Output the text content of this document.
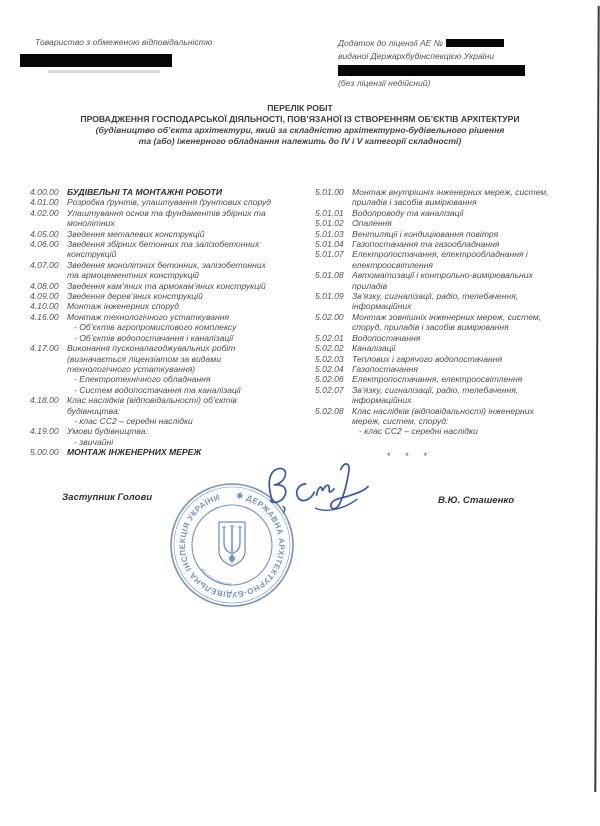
Товариство з обмеженою відповідальністю	Додаток до ліцензії АЕ №
виданої Держархбудінспекцією України
(без ліцензії недійсний)
ПЕРЕЛІК РОБІТ
ПРОВАДЖЕННЯ ГОСПОДАРСЬКОЇ ДІЯЛЬНОСТІ, ПОВ’ЯЗАНОЇ ІЗ СТВОРЕННЯМ ОБ’ЄКТІВ АРХІТЕКТУРИ
(будівництво об’єкта архітектури, який за складністю архітектурно-будівельного рішення
та (або) іженерного обладнання належить до IV і V категорії складності)
4.00.00 БУДІВЕЛЬНІ ТА МОНТАЖНІ РОБОТИ
4.01.00 Розробка ґрунтів, улаштування ґрунтових споруд
4.02.00 Улаштування основ та фундаментів збірних та монолітних
4.05.00 Зведення металевих конструкцій
4.06.00 Зведення збірних бетонних та залізобетонних конструкцій
4.07.00 Зведення монолітних бетонних, залізобетонних та армоцементних конструкцій
4.08.00 Зведення кам’яних та армокам’яних конструкцій
4.09.00 Зведення дерев’яних конструкцій
4.10.00 Монтаж інженерних споруд
4.16.00 Монтаж технологічного устаткування
- Об’єктів агропромислового комплексу
- Об’єктів водопостачання і каналізації
4.17.00 Виконання пусконалагоджувальних робіт (визначається ліцензіатом за видами технологічного устаткування)
- Електротехнічного обладнання
- Систем водопостачання та каналізації
4.18.00 Клас наслідків (відповідальності) об’єктів будівництва:
- клас СС2 – середні наслідки
4.19.00 Умови будівництва:
- звичайні
5.00.00 МОНТАЖ ІНЖЕНЕРНИХ МЕРЕЖ
5.01.00 Монтаж внутрішніх інженерних мереж, систем, приладів і засобів вимірювання
5.01.01 Водопроводу та каналізації
5.01.02 Опалення
5.01.03 Вентиляції і кондиціювання повітря
5.01.04 Газопостачання та газообладнання
5.01.07 Електропостачання, електрообладнання і електроосвітлення
5.01.08 Автоматизації і контрольно-вимірювальних приладів
5.01.09 Зв’язку, сигналізації, радіо, телебачення, інформаційних
5.02.00 Монтаж зовнішніх інженерних мереж, систем, споруд, приладів і засобів вимірювання
5.02.01 Водопостачання
5.02.02 Каналізації
5.02.03 Теплових і гарячого водопостачання
5.02.04 Газопостачання
5.02.06 Електропостачання, електроосвітлення
5.02.07 Зв’язку, сигналізації, радіо, телебачення, інформаційних
5.02.08 Клас наслідків (відповідальності) інженерних мереж, систем, споруд:
- клас СС2 – середні наслідки
* * *
Заступник Голови	В.Ю. Сташенко
✱ ДЕРЖАВНА АРХІТЕКТУРНО-БУДІВЕЛЬНА ІНСПЕКЦІЯ УКРАЇНИ
ідентифікаційний код
